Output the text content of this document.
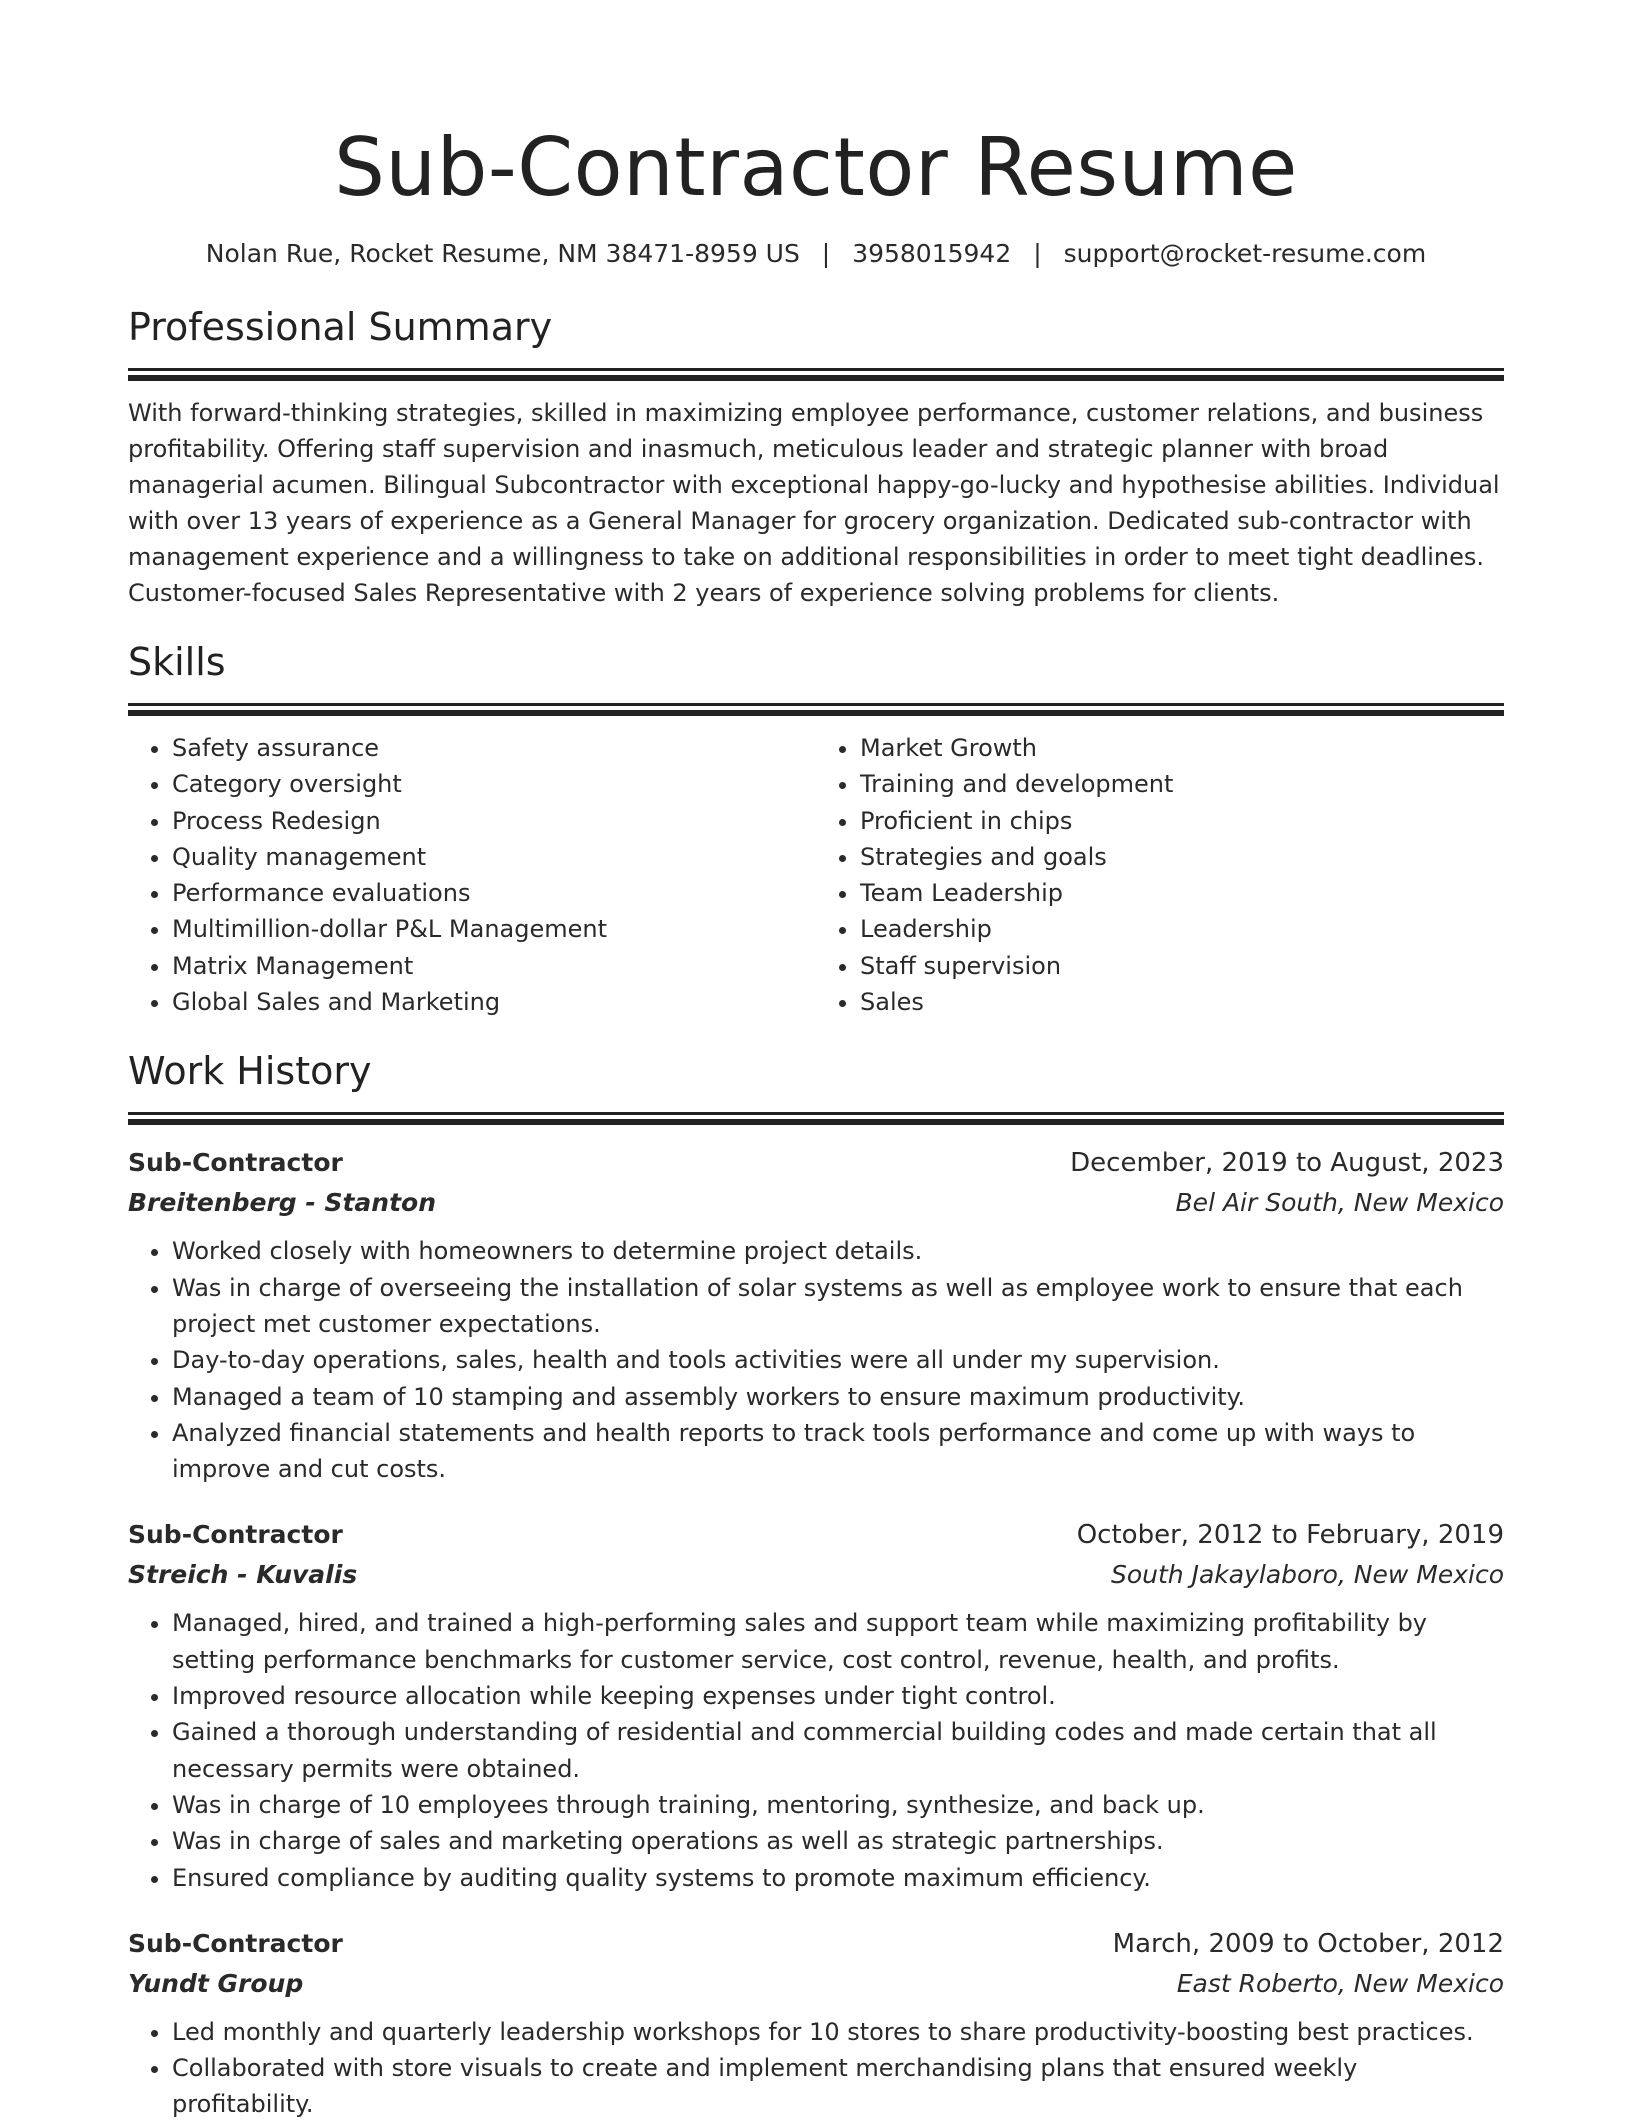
Sub-Contractor Resume
Nolan Rue, Rocket Resume, NM 38471-8959 US | 3958015942 | support@rocket-resume.com
Professional Summary

With forward-thinking strategies, skilled in maximizing employee performance, customer relations, and business profitability. Offering staff supervision and inasmuch, meticulous leader and strategic planner with broad managerial acumen. Bilingual Subcontractor with exceptional happy-go-lucky and hypothesise abilities. Individual with over 13 years of experience as a General Manager for grocery organization. Dedicated sub-contractor with management experience and a willingness to take on additional responsibilities in order to meet tight deadlines. Customer-focused Sales Representative with 2 years of experience solving problems for clients.

Skills
• Safety assurance
• Category oversight
• Process Redesign
• Quality management
• Performance evaluations
• Multimillion-dollar P&L Management
• Matrix Management
• Global Sales and Marketing
• Market Growth
• Training and development
• Proficient in chips
• Strategies and goals
• Team Leadership
• Leadership
• Staff supervision
• Sales
Work History
Sub-Contractor	December, 2019 to August, 2023
Breitenberg - Stanton	Bel Air South, New Mexico
• Worked closely with homeowners to determine project details.
• Was in charge of overseeing the installation of solar systems as well as employee work to ensure that each project met customer expectations.
• Day-to-day operations, sales, health and tools activities were all under my supervision.
• Managed a team of 10 stamping and assembly workers to ensure maximum productivity.
• Analyzed financial statements and health reports to track tools performance and come up with ways to improve and cut costs.
Sub-Contractor	October, 2012 to February, 2019
Streich - Kuvalis	South Jakaylaboro, New Mexico
• Managed, hired, and trained a high-performing sales and support team while maximizing profitability by setting performance benchmarks for customer service, cost control, revenue, health, and profits.
• Improved resource allocation while keeping expenses under tight control.
• Gained a thorough understanding of residential and commercial building codes and made certain that all necessary permits were obtained.
• Was in charge of 10 employees through training, mentoring, synthesize, and back up.
• Was in charge of sales and marketing operations as well as strategic partnerships.
• Ensured compliance by auditing quality systems to promote maximum efficiency.
Sub-Contractor	March, 2009 to October, 2012
Yundt Group	East Roberto, New Mexico
• Led monthly and quarterly leadership workshops for 10 stores to share productivity-boosting best practices.
• Collaborated with store visuals to create and implement merchandising plans that ensured weekly profitability.
